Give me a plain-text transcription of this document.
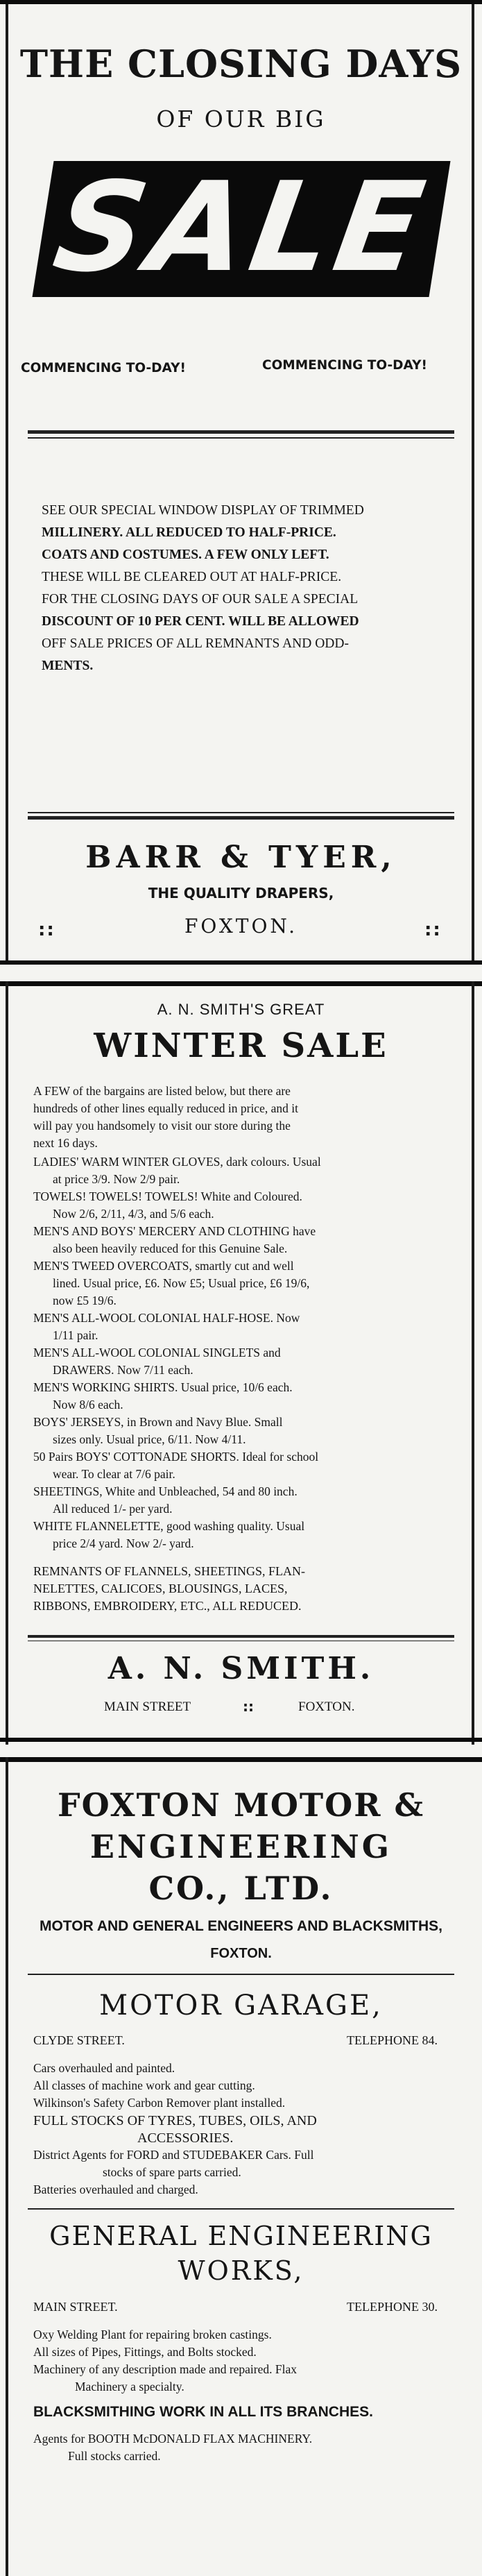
THE CLOSING DAYS
OF OUR BIG
SALE
COMMENCING TO-DAY!	COMMENCING TO-DAY!
SEE OUR SPECIAL WINDOW DISPLAY OF TRIMMED
MILLINERY. ALL REDUCED TO HALF-PRICE.
COATS AND COSTUMES. A FEW ONLY LEFT.
THESE WILL BE CLEARED OUT AT HALF-PRICE.
FOR THE CLOSING DAYS OF OUR SALE A SPECIAL
DISCOUNT OF 10 PER CENT. WILL BE ALLOWED
OFF SALE PRICES OF ALL REMNANTS AND ODD-
MENTS.
BARR & TYER,
THE QUALITY DRAPERS,
FOXTON.
::	::
A. N. SMITH'S GREAT
WINTER SALE
A FEW of the bargains are listed below, but there are
hundreds of other lines equally reduced in price, and it
will pay you handsomely to visit our store during the
next 16 days.
LADIES' WARM WINTER GLOVES, dark colours. Usual
at price 3/9. Now 2/9 pair.
TOWELS! TOWELS! TOWELS! White and Coloured.
Now 2/6, 2/11, 4/3, and 5/6 each.
MEN'S AND BOYS' MERCERY AND CLOTHING have
also been heavily reduced for this Genuine Sale.
MEN'S TWEED OVERCOATS, smartly cut and well
lined. Usual price, £6. Now £5; Usual price, £6 19/6,
now £5 19/6.
MEN'S ALL-WOOL COLONIAL HALF-HOSE. Now
1/11 pair.
MEN'S ALL-WOOL COLONIAL SINGLETS and
DRAWERS. Now 7/11 each.
MEN'S WORKING SHIRTS. Usual price, 10/6 each.
Now 8/6 each.
BOYS' JERSEYS, in Brown and Navy Blue. Small
sizes only. Usual price, 6/11. Now 4/11.
50 Pairs BOYS' COTTONADE SHORTS. Ideal for school
wear. To clear at 7/6 pair.
SHEETINGS, White and Unbleached, 54 and 80 inch.
All reduced 1/- per yard.
WHITE FLANNELETTE, good washing quality. Usual
price 2/4 yard. Now 2/- yard.
REMNANTS OF FLANNELS, SHEETINGS, FLAN-
NELETTES, CALICOES, BLOUSINGS, LACES,
RIBBONS, EMBROIDERY, ETC., ALL REDUCED.
A. N. SMITH.
MAIN STREET	::	FOXTON.
FOXTON MOTOR &
ENGINEERING
CO., LTD.
MOTOR AND GENERAL ENGINEERS AND BLACKSMITHS,
FOXTON.
MOTOR GARAGE,
CLYDE STREET.	TELEPHONE 84.
Cars overhauled and painted.
All classes of machine work and gear cutting.
Wilkinson's Safety Carbon Remover plant installed.
FULL STOCKS OF TYRES, TUBES, OILS, AND
ACCESSORIES.
District Agents for FORD and STUDEBAKER Cars. Full
stocks of spare parts carried.
Batteries overhauled and charged.
GENERAL ENGINEERING
WORKS,
MAIN STREET.	TELEPHONE 30.
Oxy Welding Plant for repairing broken castings.
All sizes of Pipes, Fittings, and Bolts stocked.
Machinery of any description made and repaired. Flax
Machinery a specialty.
BLACKSMITHING WORK IN ALL ITS BRANCHES.
Agents for BOOTH McDONALD FLAX MACHINERY.
Full stocks carried.
